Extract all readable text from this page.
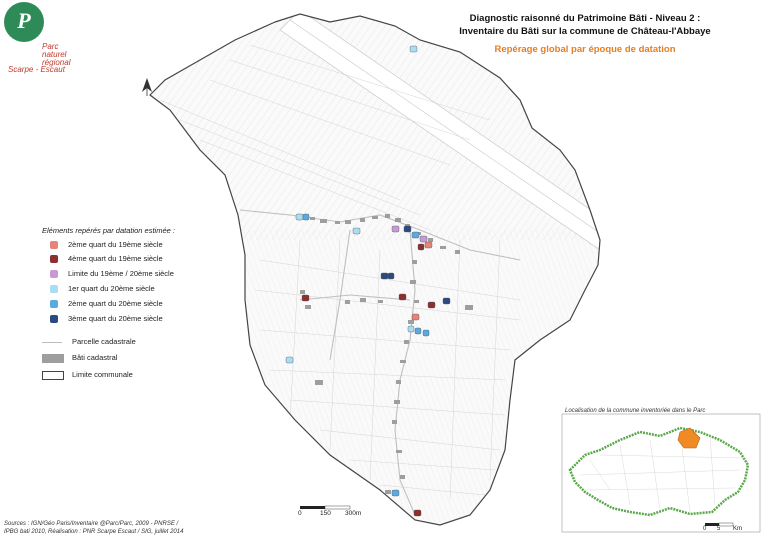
P
Parc
naturel
régional
Scarpe - Escaut
Diagnostic raisonné du Patrimoine Bâti - Niveau 2 :
Inventaire du Bâti sur la commune de Château-l'Abbaye
Repérage global par époque de datation
Eléments repérés par datation estimée :
2ème quart du 19ème siècle
4ème quart du 19ème siècle
Limite du 19ème / 20ème siècle
1er quart du 20ème siècle
2ème quart du 20ème siècle
3ème quart du 20ème siècle
Parcelle cadastrale
Bâti cadastral
Limite communale
Localisation de la commune inventoriée dans le Parc
0 5 Km
0	150 300m
Sources : IGN/Géo Paris/Inventaire @Parc/Parc, 2009 - PNRSE /
IPBG bati 2010, Réalisation : PNR Scarpe Escaut / SIG, juillet 2014
